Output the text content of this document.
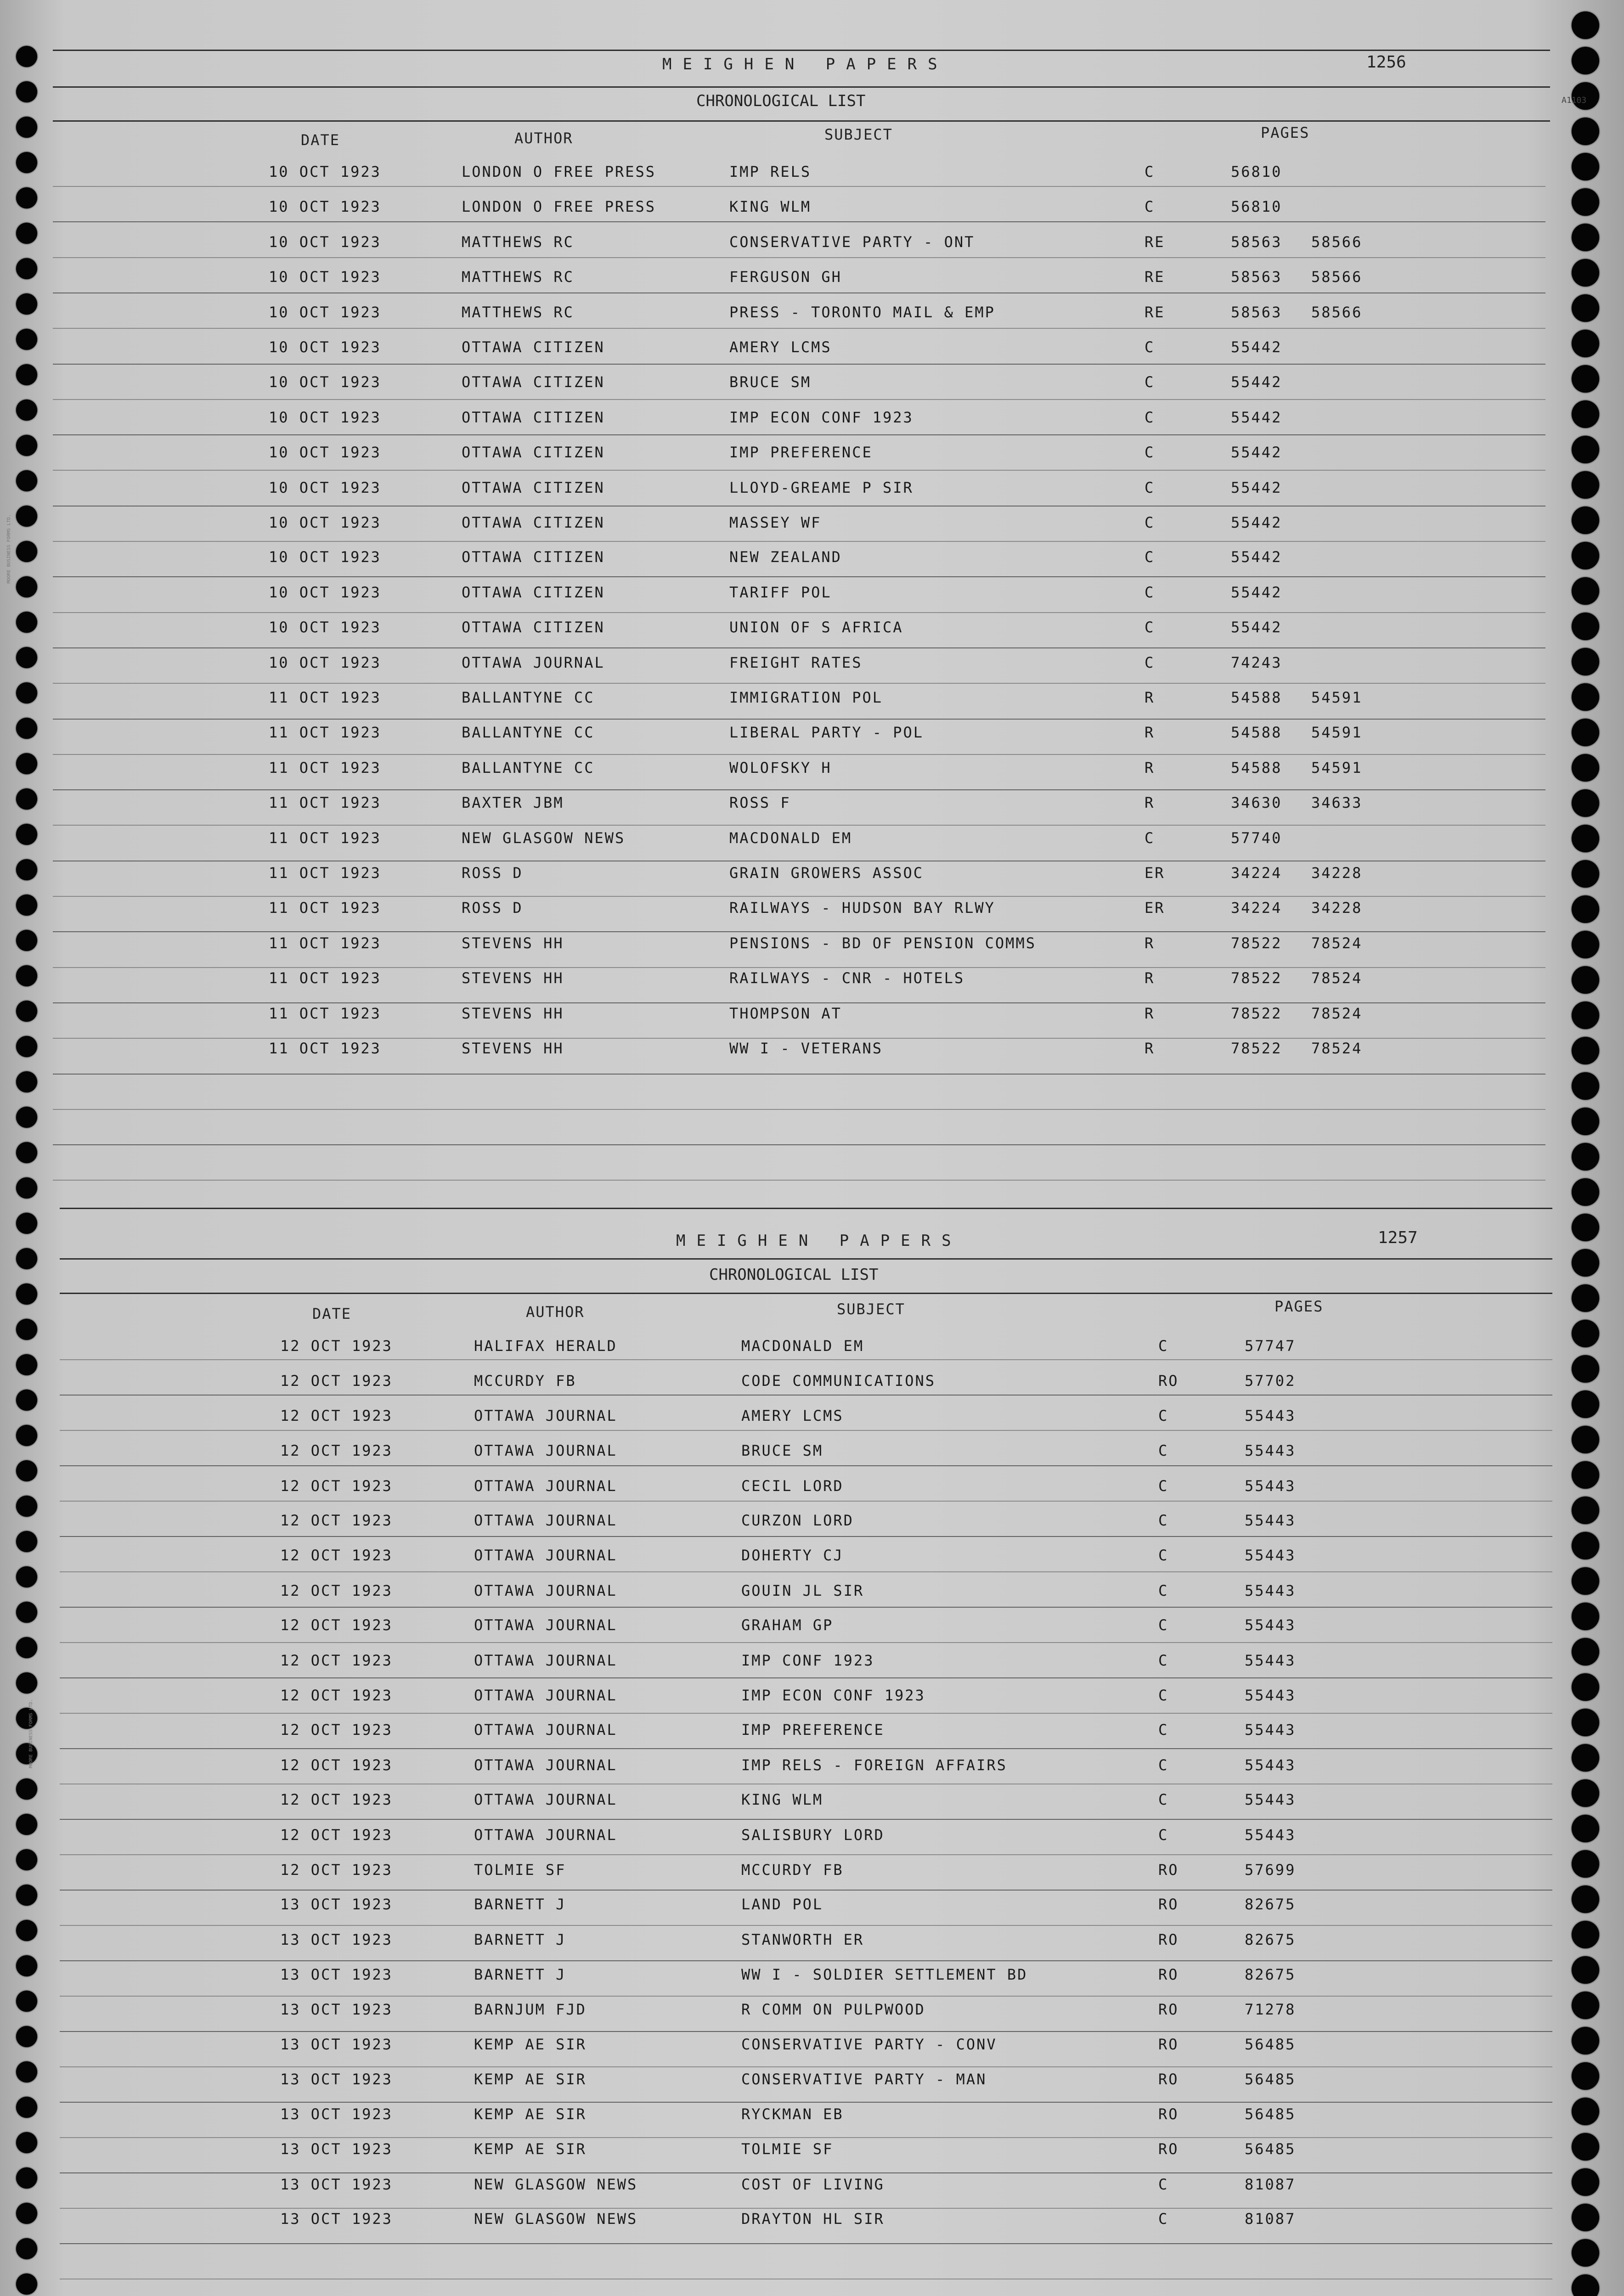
A1103
MOORE BUSINESS FORMS LTD.
MOORE BUSINESS FORMS LTD.
MEIGHEN PAPERS	1256
CHRONOLOGICAL LIST
DATE	AUTHOR	SUBJECT	PAGES
10 OCT 1923	LONDON O FREE PRESS	IMP RELS	C	56810
10 OCT 1923	LONDON O FREE PRESS	KING WLM	C	56810
10 OCT 1923	MATTHEWS RC	CONSERVATIVE PARTY - ONT	RE	58563 58566
10 OCT 1923	MATTHEWS RC	FERGUSON GH	RE	58563 58566
10 OCT 1923	MATTHEWS RC	PRESS - TORONTO MAIL & EMP	RE	58563 58566
10 OCT 1923	OTTAWA CITIZEN	AMERY LCMS	C	55442
10 OCT 1923	OTTAWA CITIZEN	BRUCE SM	C	55442
10 OCT 1923	OTTAWA CITIZEN	IMP ECON CONF 1923	C	55442
10 OCT 1923	OTTAWA CITIZEN	IMP PREFERENCE	C	55442
10 OCT 1923	OTTAWA CITIZEN	LLOYD-GREAME P SIR	C	55442
10 OCT 1923	OTTAWA CITIZEN	MASSEY WF	C	55442
10 OCT 1923	OTTAWA CITIZEN	NEW ZEALAND	C	55442
10 OCT 1923	OTTAWA CITIZEN	TARIFF POL	C	55442
10 OCT 1923	OTTAWA CITIZEN	UNION OF S AFRICA	C	55442
10 OCT 1923	OTTAWA JOURNAL	FREIGHT RATES	C	74243
11 OCT 1923	BALLANTYNE CC	IMMIGRATION POL	R	54588 54591
11 OCT 1923	BALLANTYNE CC	LIBERAL PARTY - POL	R	54588 54591
11 OCT 1923	BALLANTYNE CC	WOLOFSKY H	R	54588 54591
11 OCT 1923	BAXTER JBM	ROSS F	R	34630 34633
11 OCT 1923	NEW GLASGOW NEWS	MACDONALD EM	C	57740
11 OCT 1923	ROSS D	GRAIN GROWERS ASSOC	ER	34224 34228
11 OCT 1923	ROSS D	RAILWAYS - HUDSON BAY RLWY	ER	34224 34228
11 OCT 1923	STEVENS HH	PENSIONS - BD OF PENSION COMMS	R	78522 78524
11 OCT 1923	STEVENS HH	RAILWAYS - CNR - HOTELS	R	78522 78524
11 OCT 1923	STEVENS HH	THOMPSON AT	R	78522 78524
11 OCT 1923	STEVENS HH	WW I - VETERANS	R	78522 78524
MEIGHEN PAPERS	1257
CHRONOLOGICAL LIST
DATE	AUTHOR	SUBJECT	PAGES
12 OCT 1923	HALIFAX HERALD	MACDONALD EM	C	57747
12 OCT 1923	MCCURDY FB	CODE COMMUNICATIONS	RO	57702
12 OCT 1923	OTTAWA JOURNAL	AMERY LCMS	C	55443
12 OCT 1923	OTTAWA JOURNAL	BRUCE SM	C	55443
12 OCT 1923	OTTAWA JOURNAL	CECIL LORD	C	55443
12 OCT 1923	OTTAWA JOURNAL	CURZON LORD	C	55443
12 OCT 1923	OTTAWA JOURNAL	DOHERTY CJ	C	55443
12 OCT 1923	OTTAWA JOURNAL	GOUIN JL SIR	C	55443
12 OCT 1923	OTTAWA JOURNAL	GRAHAM GP	C	55443
12 OCT 1923	OTTAWA JOURNAL	IMP CONF 1923	C	55443
12 OCT 1923	OTTAWA JOURNAL	IMP ECON CONF 1923	C	55443
12 OCT 1923	OTTAWA JOURNAL	IMP PREFERENCE	C	55443
12 OCT 1923	OTTAWA JOURNAL	IMP RELS - FOREIGN AFFAIRS	C	55443
12 OCT 1923	OTTAWA JOURNAL	KING WLM	C	55443
12 OCT 1923	OTTAWA JOURNAL	SALISBURY LORD	C	55443
12 OCT 1923	TOLMIE SF	MCCURDY FB	RO	57699
13 OCT 1923	BARNETT J	LAND POL	RO	82675
13 OCT 1923	BARNETT J	STANWORTH ER	RO	82675
13 OCT 1923	BARNETT J	WW I - SOLDIER SETTLEMENT BD	RO	82675
13 OCT 1923	BARNJUM FJD	R COMM ON PULPWOOD	RO	71278
13 OCT 1923	KEMP AE SIR	CONSERVATIVE PARTY - CONV	RO	56485
13 OCT 1923	KEMP AE SIR	CONSERVATIVE PARTY - MAN	RO	56485
13 OCT 1923	KEMP AE SIR	RYCKMAN EB	RO	56485
13 OCT 1923	KEMP AE SIR	TOLMIE SF	RO	56485
13 OCT 1923	NEW GLASGOW NEWS	COST OF LIVING	C	81087
13 OCT 1923	NEW GLASGOW NEWS	DRAYTON HL SIR	C	81087
